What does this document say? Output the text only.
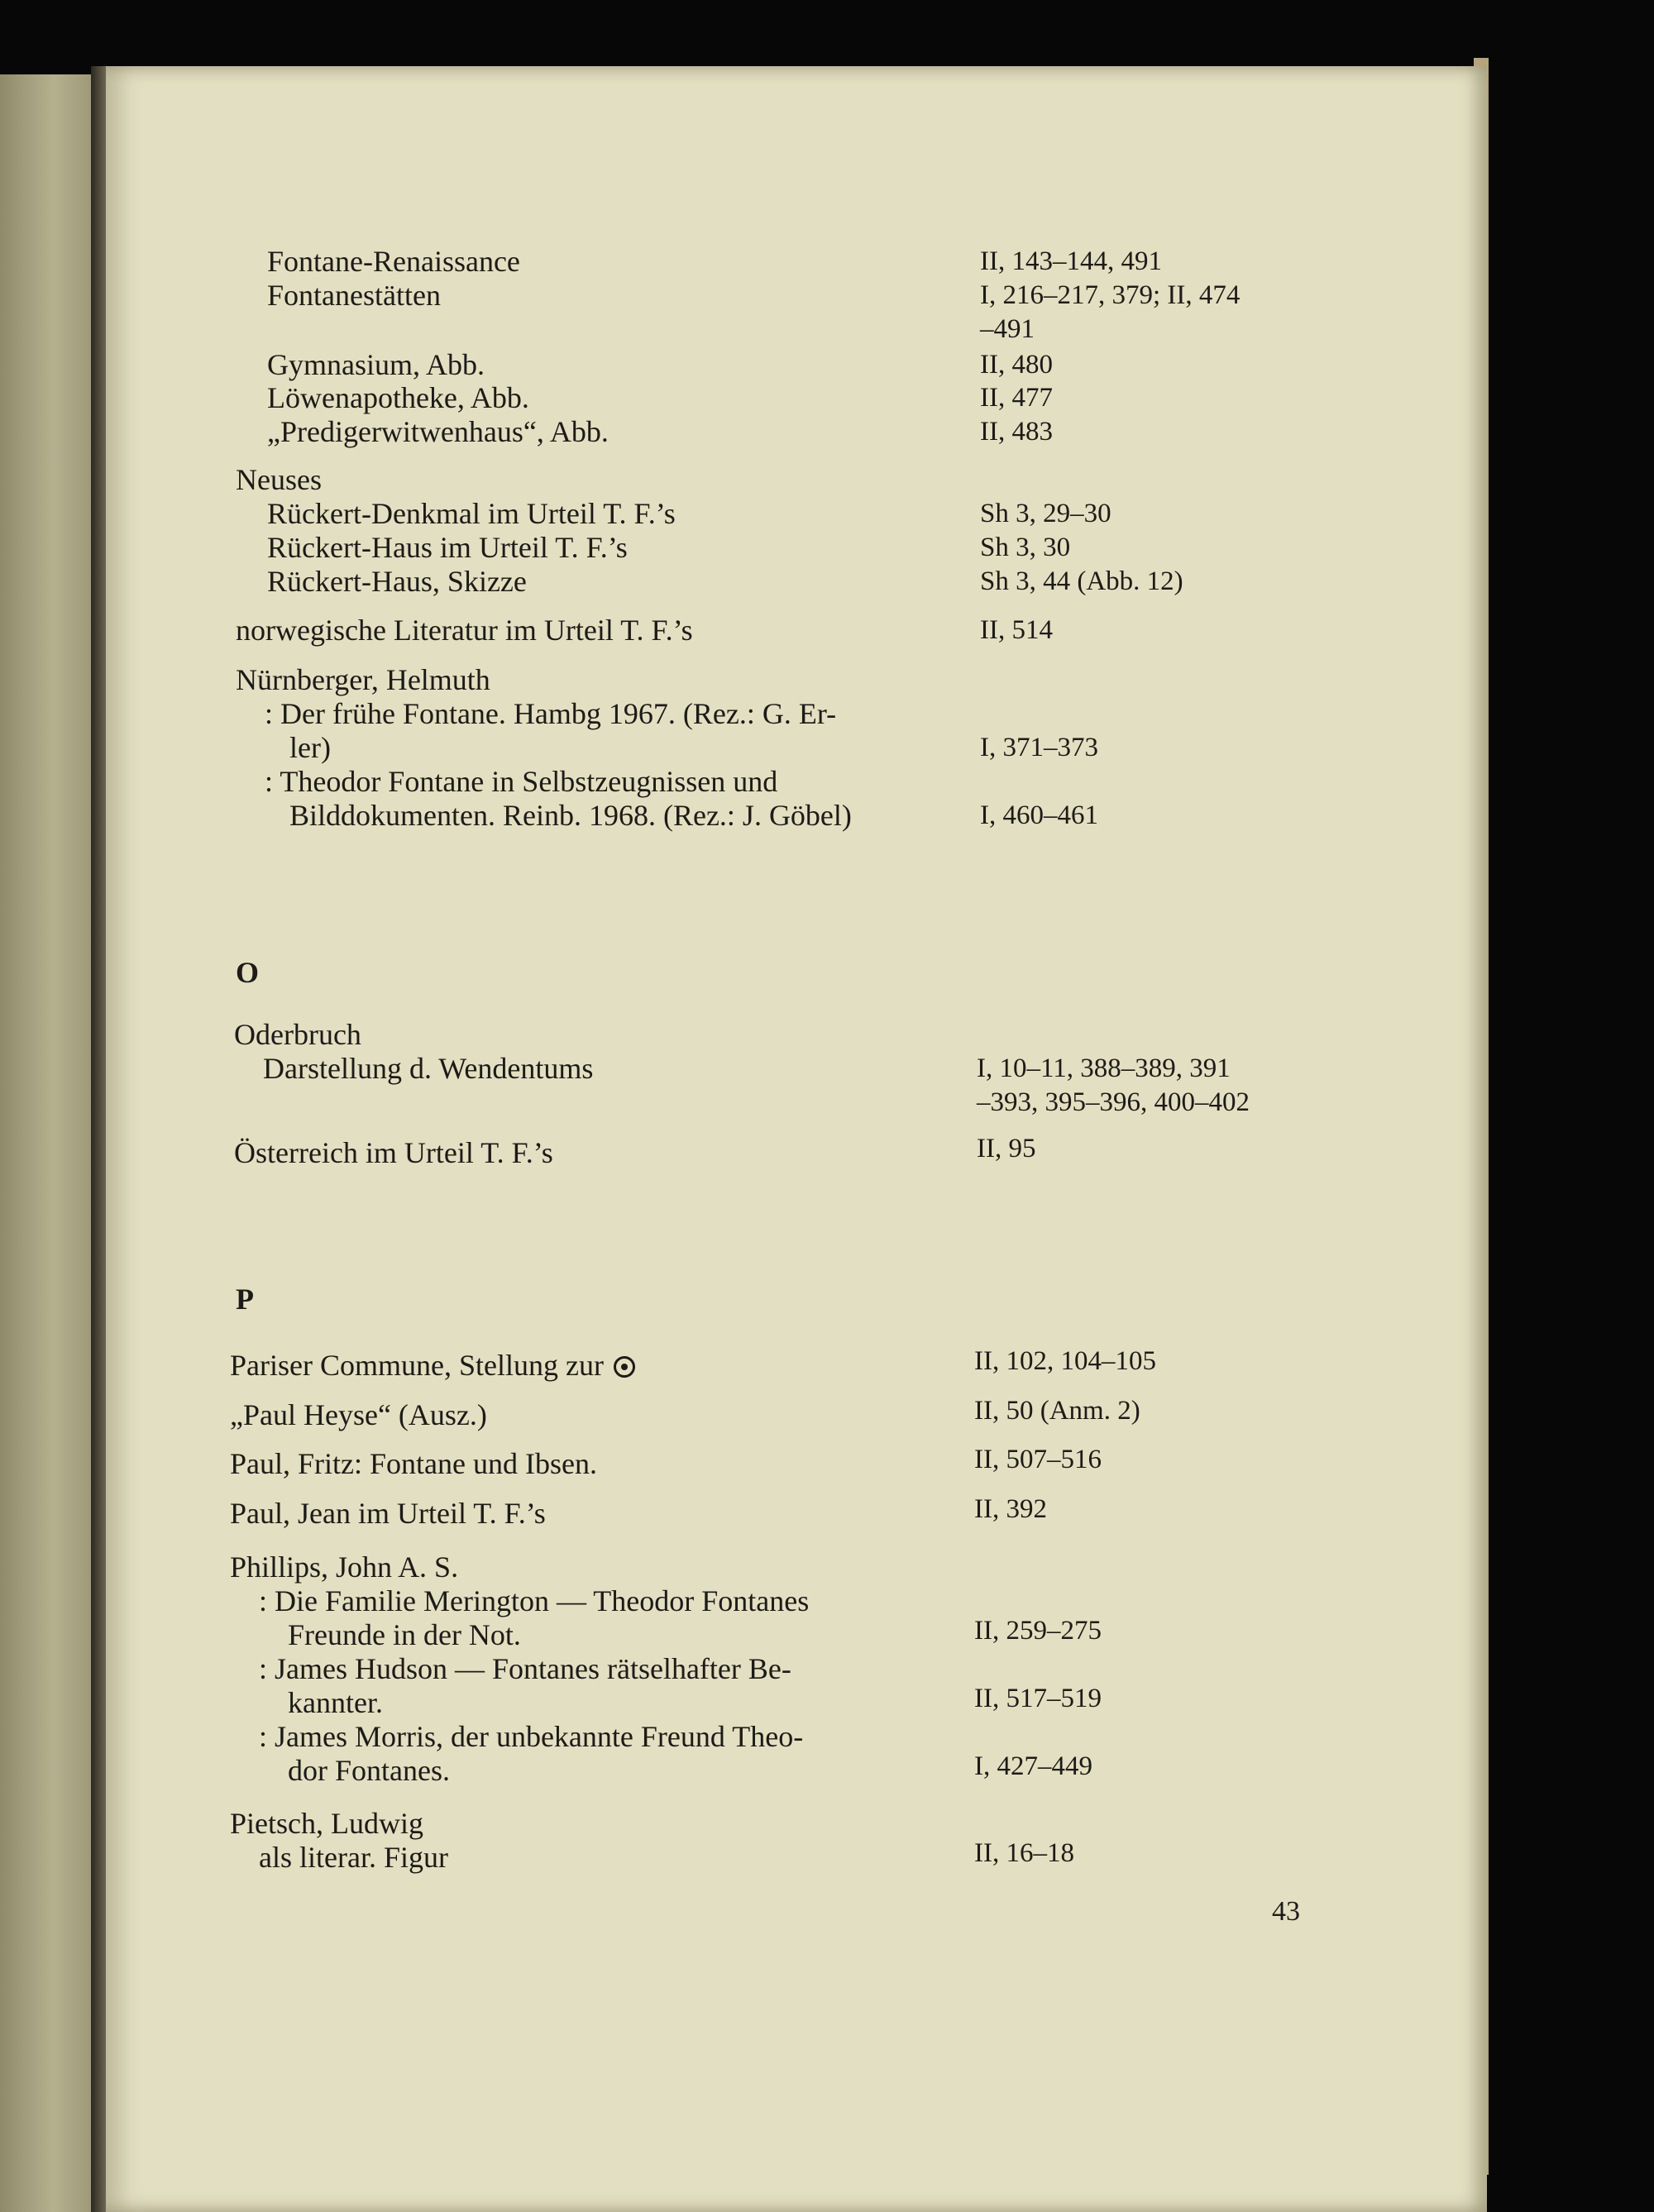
Fontane-Renaissance	II, 143–144, 491
Fontanestätten	I, 216–217, 379; II, 474
–491
Gymnasium, Abb.	II, 480
Löwenapotheke, Abb.	II, 477
„Predigerwitwenhaus“, Abb.	II, 483
Neuses
Rückert-Denkmal im Urteil T. F.’s	Sh 3, 29–30
Rückert-Haus im Urteil T. F.’s	Sh 3, 30
Rückert-Haus, Skizze	Sh 3, 44 (Abb. 12)
norwegische Literatur im Urteil T. F.’s	II, 514
Nürnberger, Helmuth
: Der frühe Fontane. Hambg 1967. (Rez.: G. Er-
ler)	I, 371–373
: Theodor Fontane in Selbstzeugnissen und
Bilddokumenten. Reinb. 1968. (Rez.: J. Göbel)	I, 460–461
O
Oderbruch
Darstellung d. Wendentums	I, 10–11, 388–389, 391
–393, 395–396, 400–402
Österreich im Urteil T. F.’s	II, 95
P
Pariser Commune, Stellung zur	II, 102, 104–105
„Paul Heyse“ (Ausz.)	II, 50 (Anm. 2)
Paul, Fritz: Fontane und Ibsen.	II, 507–516
Paul, Jean im Urteil T. F.’s	II, 392
Phillips, John A. S.
: Die Familie Merington — Theodor Fontanes
Freunde in der Not.	II, 259–275
: James Hudson — Fontanes rätselhafter Be-
kannter.	II, 517–519
: James Morris, der unbekannte Freund Theo-
dor Fontanes.	I, 427–449
Pietsch, Ludwig
als literar. Figur	II, 16–18
43
